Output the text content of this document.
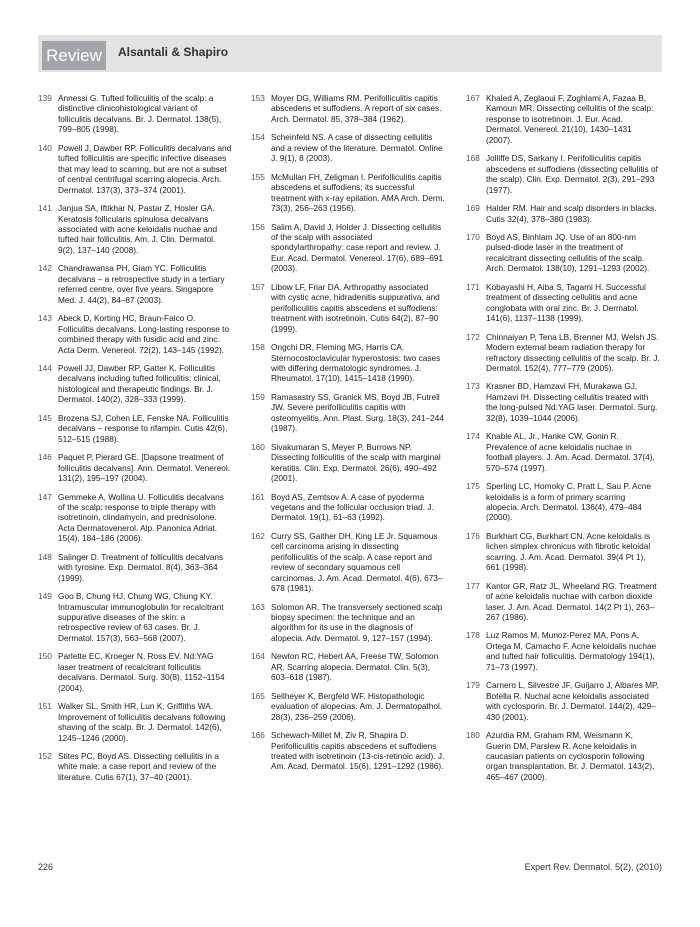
Review	Alsantali & Shapiro
139 Annessi G. Tufted folliculitis of the scalp: a distinctive clinicohistological variant of folliculitis decalvans. Br. J. Dermatol. 138(5), 799–805 (1998).
140 Powell J, Dawber RP. Folliculitis decalvans and tufted folliculitis are specific infective diseases that may lead to scarring, but are not a subset of central centrifugal scarring alopecia. Arch. Dermatol. 137(3), 373–374 (2001).
141 Janjua SA, Iftikhar N, Pastar Z, Hosler GA. Keratosis follicularis spinulosa decalvans associated with acne keloidalis nuchae and tufted hair folliculitis. Am. J. Clin. Dermatol. 9(2), 137–140 (2008).
142 Chandrawansa PH, Giam YC. Folliculitis decalvans – a retrospective study in a tertiary referred centre, over five years. Singapore Med. J. 44(2), 84–87 (2003).
143 Abeck D, Korting HC, Braun-Falco O. Folliculitis decalvans. Long-lasting response to combined therapy with fusidic acid and zinc. Acta Derm. Venereol. 72(2), 143–145 (1992).
144 Powell JJ, Dawber RP, Gatter K. Folliculitis decalvans including tufted folliculitis: clinical, histological and therapeutic findings. Br. J. Dermatol. 140(2), 328–333 (1999).
145 Brozena SJ, Cohen LE, Fenske NA. Folliculitis decalvans – response to rifampin. Cutis 42(6), 512–515 (1988).
146 Paquet P, Pierard GE. [Dapsone treatment of folliculitis decalvans]. Ann. Dermatol. Venereol. 131(2), 195–197 (2004).
147 Gemmeke A, Wollina U. Folliculitis decalvans of the scalp: response to triple therapy with isotretinoin, clindamycin, and prednisolone. Acta Dermatovenerol. Alp. Panonica Adriat. 15(4), 184–186 (2006).
148 Salinger D. Treatment of folliculitis decalvans with tyrosine. Exp. Dermatol. 8(4), 363–364 (1999).
149 Goo B, Chung HJ, Chung WG, Chung KY. Intramuscular immunoglobulin for recalcitrant suppurative diseases of the skin: a retrospective review of 63 cases. Br. J. Dermatol. 157(3), 563–568 (2007).
150 Parlette EC, Kroeger N, Ross EV. Nd:YAG laser treatment of recalcitrant folliculitis decalvans. Dermatol. Surg. 30(8), 1152–1154 (2004).
151 Walker SL, Smith HR, Lun K, Griffiths WA. Improvement of folliculitis decalvans following shaving of the scalp. Br. J. Dermatol. 142(6), 1245–1246 (2000).
152 Stites PC, Boyd AS. Dissecting cellulitis in a white male: a case report and review of the literature. Cutis 67(1), 37–40 (2001).
153 Moyer DG, Williams RM. Perifolliculitis capitis abscedens et suffodiens. A report of six cases. Arch. Dermatol. 85, 378–384 (1962).
154 Scheinfeld NS. A case of dissecting cellulitis and a review of the literature. Dermatol. Online J. 9(1), 8 (2003).
155 McMullan FH, Zeligman I. Perifolliculitis capitis abscedens et suffodiens; its successful treatment with x-ray epilation. AMA Arch. Derm. 73(3), 256–263 (1956).
156 Salim A, David J, Holder J. Dissecting cellulitis of the scalp with associated spondylarthropathy: case report and review. J. Eur. Acad. Dermatol. Venereol. 17(6), 689–691 (2003).
157 Libow LF, Friar DA. Arthropathy associated with cystic acne, hidradenitis suppurativa, and perifolliculitis capitis abscedens et suffodiens: treatment with isotretinoin. Cutis 64(2), 87–90 (1999).
158 Ongchi DR, Fleming MG, Harris CA. Sternocostoclavicular hyperostosis: two cases with differing dermatologic syndromes. J. Rheumatol. 17(10), 1415–1418 (1990).
159 Ramasastry SS, Granick MS, Boyd JB, Futrell JW. Severe perifolliculitis capitis with osteomyelitis. Ann. Plast. Surg. 18(3), 241–244 (1987).
160 Sivakumaran S, Meyer P, Burrows NP. Dissecting folliculitis of the scalp with marginal keratitis. Clin. Exp. Dermatol. 26(6), 490–492 (2001).
161 Boyd AS, Zemtsov A. A case of pyoderma vegetans and the follicular occlusion triad. J. Dermatol. 19(1), 61–63 (1992).
162 Curry SS, Gaither DH, King LE Jr. Squamous cell carcinoma arising in dissecting perifolliculitis of the scalp. A case report and review of secondary squamous cell carcinomas. J. Am. Acad. Dermatol. 4(6), 673–678 (1981).
163 Solomon AR. The transversely sectioned scalp biopsy specimen: the technique and an algorithm for its use in the diagnosis of alopecia. Adv. Dermatol. 9, 127–157 (1994).
164 Newton RC, Hebert AA, Freese TW, Solomon AR. Scarring alopecia. Dermatol. Clin. 5(3), 603–618 (1987).
165 Sellheyer K, Bergfeld WF. Histopathologic evaluation of alopecias. Am. J. Dermatopathol. 28(3), 236–259 (2006).
166 Schewach-Millet M, Ziv R, Shapira D. Perifolliculitis capitis abscedens et suffodiens treated with isotretinoin (13-cis-retinoic acid). J. Am. Acad. Dermatol. 15(6), 1291–1292 (1986).
167 Khaled A, Zeglaoui F, Zoghlami A, Fazaa B, Kamoun MR. Dissecting cellulitis of the scalp: response to isotretinoin. J. Eur. Acad. Dermatol. Venereol. 21(10), 1430–1431 (2007).
168 Jolliffe DS, Sarkany I. Perifolliculitis capitis abscedens et suffodiens (dissecting cellulitis of the scalp). Clin. Exp. Dermatol. 2(3), 291–293 (1977).
169 Halder RM. Hair and scalp disorders in blacks. Cutis 32(4), 378–380 (1983).
170 Boyd AS, Binhlam JQ. Use of an 800-nm pulsed-diode laser in the treatment of recalcitrant dissecting cellulitis of the scalp. Arch. Dermatol. 138(10), 1291–1293 (2002).
171 Kobayashi H, Aiba S, Tagami H. Successful treatment of dissecting cellulitis and acne conglobata with oral zinc. Br. J. Dermatol. 141(6), 1137–1138 (1999).
172 Chinnaiyan P, Tena LB, Brenner MJ, Welsh JS. Modern external beam radiation therapy for refractory dissecting cellulitis of the scalp. Br. J. Dermatol. 152(4), 777–779 (2005).
173 Krasner BD, Hamzavi FH, Murakawa GJ, Hamzavi IH. Dissecting cellulitis treated with the long-pulsed Nd:YAG laser. Dermatol. Surg. 32(8), 1039–1044 (2006).
174 Knable AL, Jr., Hanke CW, Gonin R. Prevalence of acne keloidalis nuchae in football players. J. Am. Acad. Dermatol. 37(4), 570–574 (1997).
175 Sperling LC, Homoky C, Pratt L, Sau P. Acne keloidalis is a form of primary scarring alopecia. Arch. Dermatol. 136(4), 479–484 (2000).
176 Burkhart CG, Burkhart CN. Acne keloidalis is lichen simplex chronicus with fibrotic keloidal scarring. J. Am. Acad. Dermatol. 39(4 Pt 1), 661 (1998).
177 Kantor GR, Ratz JL, Wheeland RG. Treatment of acne keloidalis nuchae with carbon dioxide laser. J. Am. Acad. Dermatol. 14(2 Pt 1), 263–267 (1986).
178 Luz Ramos M, Munoz-Perez MA, Pons A, Ortega M, Camacho F. Acne keloidalis nuchae and tufted hair folliculitis. Dermatology 194(1), 71–73 (1997).
179 Carnero L, Silvestre JF, Guijarro J, Albares MP, Botella R. Nuchal acne keloidalis associated with cyclosporin. Br. J. Dermatol. 144(2), 429–430 (2001).
180 Azurdia RM, Graham RM, Weismann K, Guerin DM, Parslew R. Acne keloidalis in caucasian patients on cyclosporin following organ transplantation. Br. J. Dermatol. 143(2), 465–467 (2000).
226	Expert Rev. Dermatol. 5(2), (2010)
